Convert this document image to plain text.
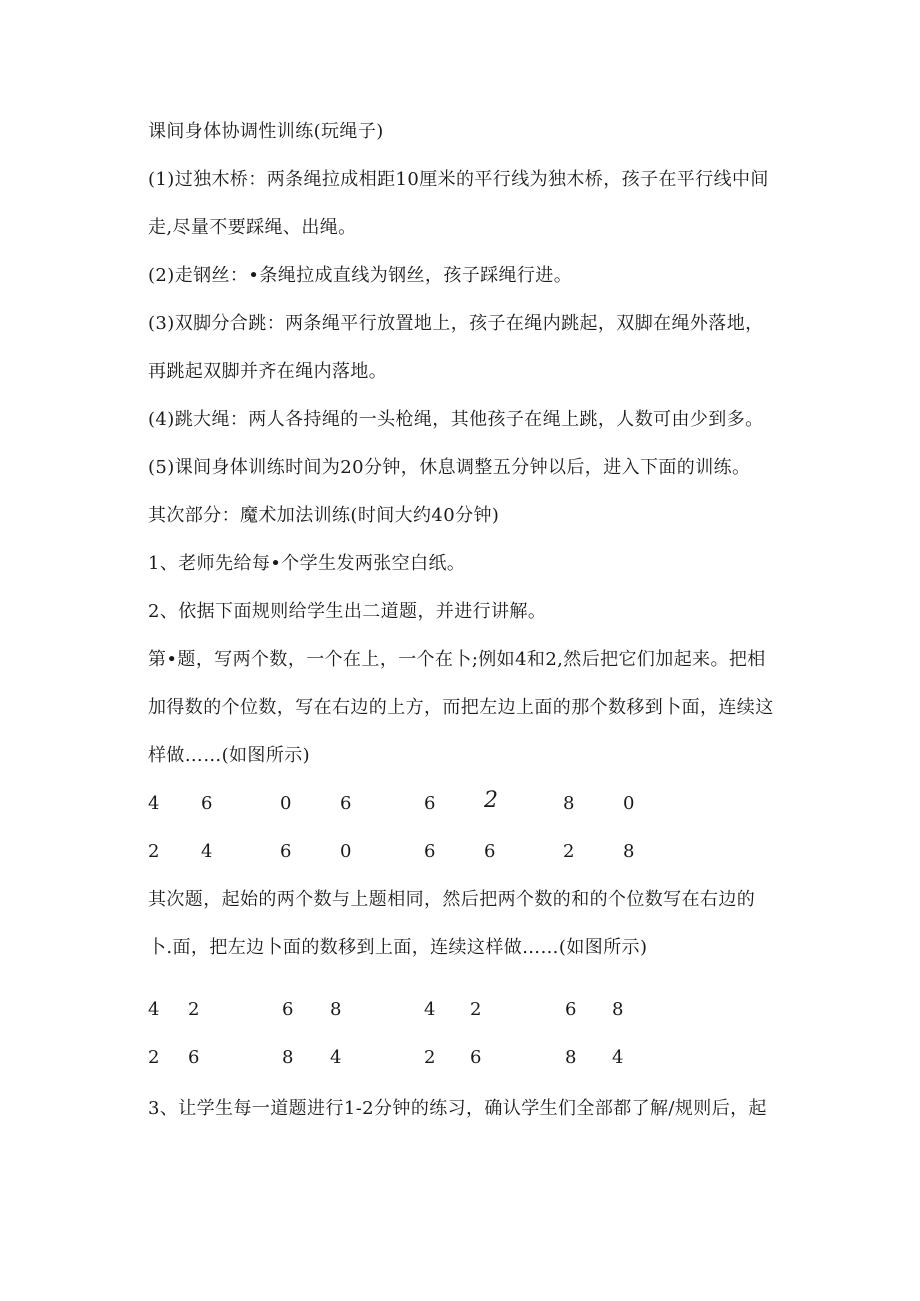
课间身体协调性训练(玩绳子)
(1)过独木桥：两条绳拉成相距10厘米的平行线为独木桥，孩子在平行线中间
走,尽量不要踩绳、出绳。
(2)走钢丝：•条绳拉成直线为钢丝，孩子踩绳行进。
(3)双脚分合跳：两条绳平行放置地上，孩子在绳内跳起，双脚在绳外落地，
再跳起双脚并齐在绳内落地。
(4)跳大绳：两人各持绳的一头枪绳，其他孩子在绳上跳，人数可由少到多。
(5)课间身体训练时间为20分钟，休息调整五分钟以后，进入下面的训练。
其次部分：魔术加法训练(时间大约40分钟)
1、老师先给每•个学生发两张空白纸。
2、依据下面规则给学生出二道题，并进行讲解。
第•题，写两个数，一个在上，一个在卜;例如4和2,然后把它们加起来。把相
加得数的个位数，写在右边的上方，而把左边上面的那个数移到卜面，连续这
样做……(如图所示)
4 6	0	6	6 2	8	0
2 4	6	0	6	6	2	8
其次题，起始的两个数与上题相同，然后把两个数的和的个位数写在右边的
卜.面，把左边卜面的数移到上面，连续这样做……(如图所示)
4 2	6 8	4 2	6 8
2 6	8 4	2 6	8 4
3、让学生每一道题进行1-2分钟的练习，确认学生们全部都了解/规则后，起
